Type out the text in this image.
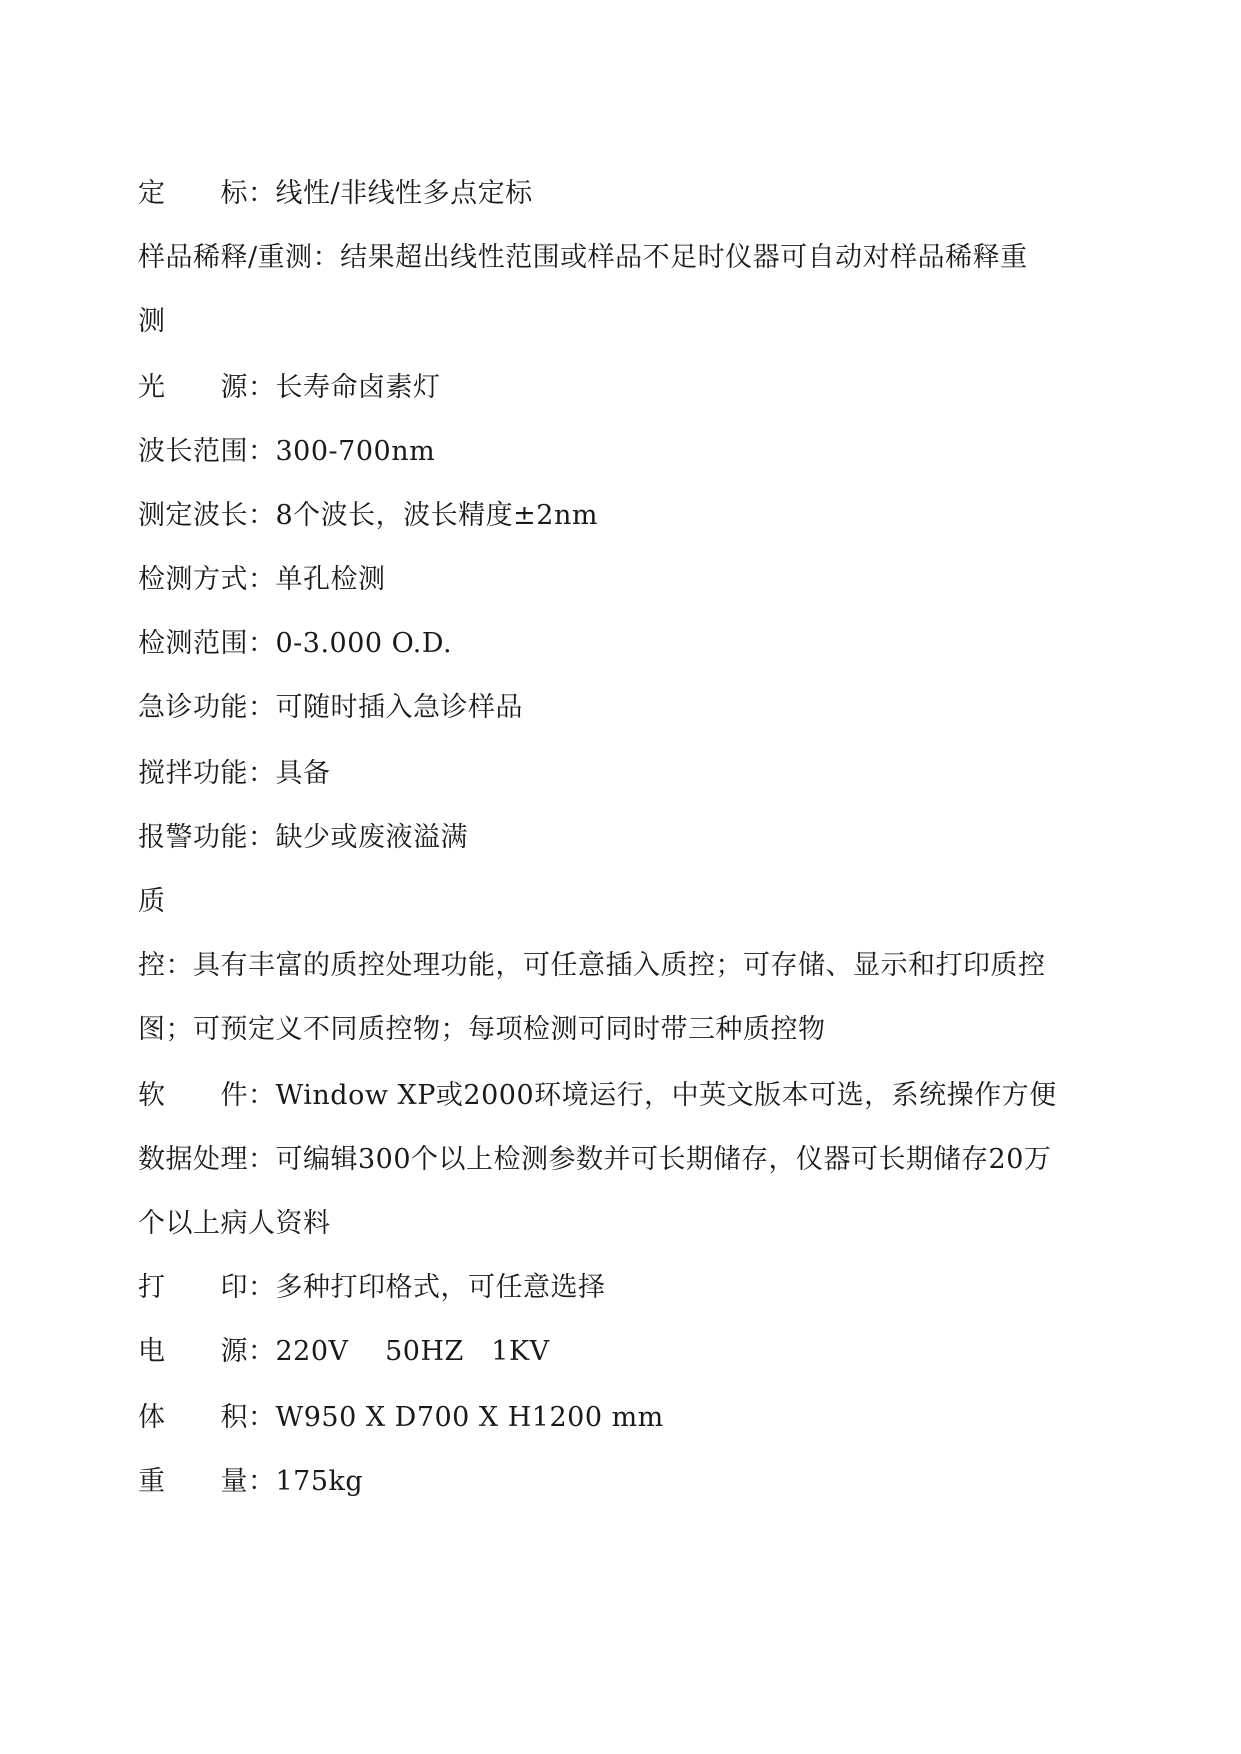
定　　标：线性/非线性多点定标
样品稀释/重测：结果超出线性范围或样品不足时仪器可自动对样品稀释重
测
光　　源：长寿命卤素灯
波长范围：300-700nm
测定波长：8个波长，波长精度±2nm
检测方式：单孔检测
检测范围：0-3.000 O.D.
急诊功能：可随时插入急诊样品
搅拌功能：具备
报警功能：缺少或废液溢满
质
控：具有丰富的质控处理功能，可任意插入质控；可存储、显示和打印质控
图；可预定义不同质控物；每项检测可同时带三种质控物
软　　件：Window XP或2000环境运行，中英文版本可选，系统操作方便
数据处理：可编辑300个以上检测参数并可长期储存，仪器可长期储存20万
个以上病人资料
打　　印：多种打印格式，可任意选择
电　　源：220V　 50HZ　1KV
体　　积：W950 X D700 X H1200 mm
重　　量：175kg
